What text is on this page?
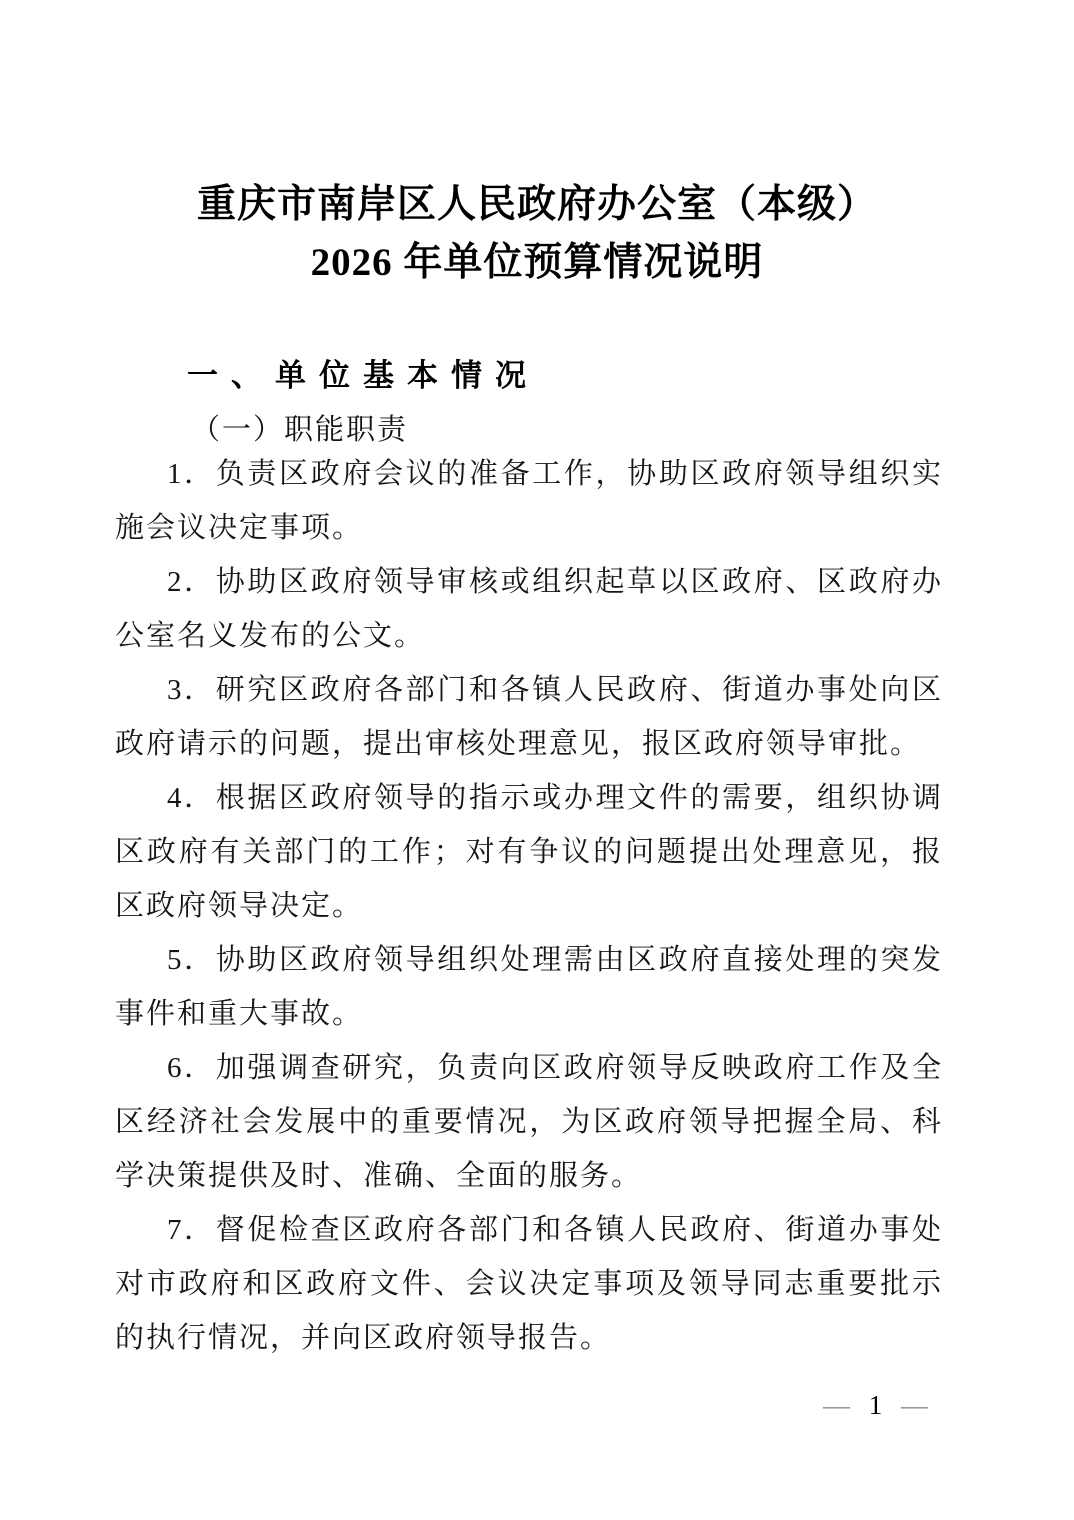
重庆市南岸区人民政府办公室（本级）
2026 年单位预算情况说明
一、单位基本情况
（一）职能职责

1．负责区政府会议的准备工作，协助区政府领导组织实施会议决定事项。

2．协助区政府领导审核或组织起草以区政府、区政府办公室名义发布的公文。

3．研究区政府各部门和各镇人民政府、街道办事处向区政府请示的问题，提出审核处理意见，报区政府领导审批。

4．根据区政府领导的指示或办理文件的需要，组织协调区政府有关部门的工作；对有争议的问题提出处理意见，报区政府领导决定。

5．协助区政府领导组织处理需由区政府直接处理的突发事件和重大事故。

6．加强调查研究，负责向区政府领导反映政府工作及全区经济社会发展中的重要情况，为区政府领导把握全局、科学决策提供及时、准确、全面的服务。

7．督促检查区政府各部门和各镇人民政府、街道办事处对市政府和区政府文件、会议决定事项及领导同志重要批示的执行情况，并向区政府领导报告。

— 1 —
